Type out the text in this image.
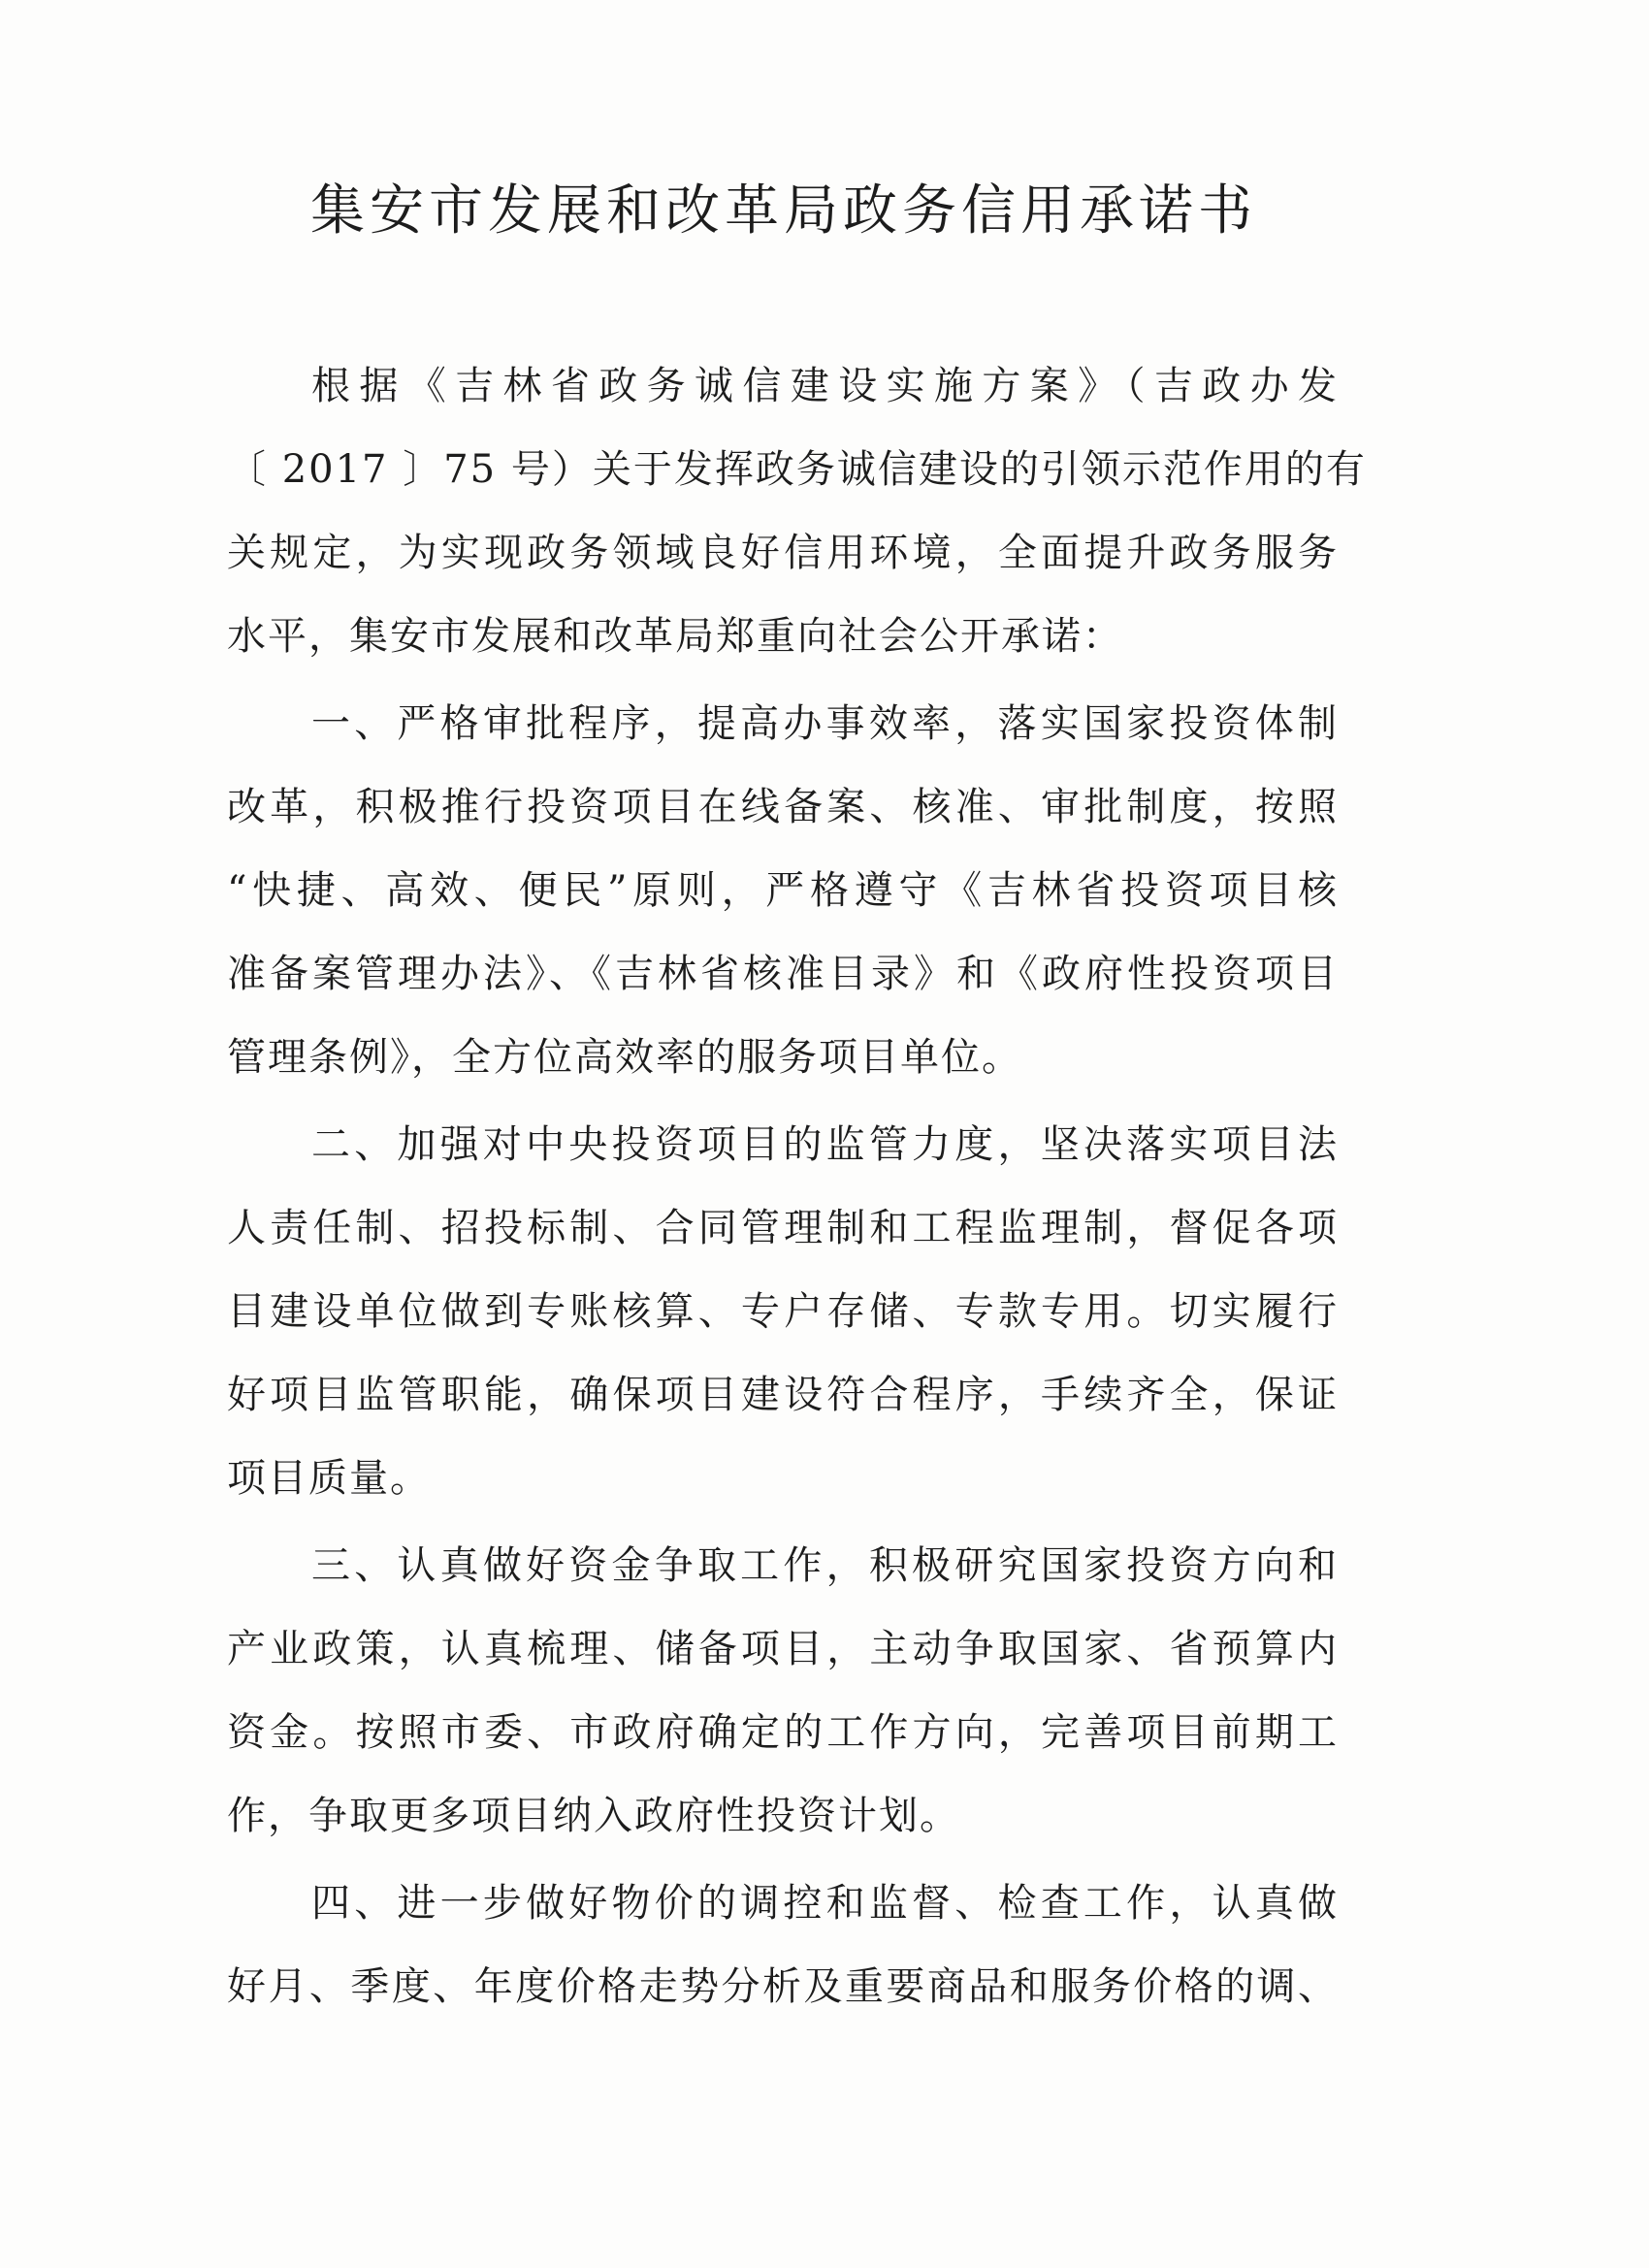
集安市发展和改革局政务信用承诺书
根据《吉林省政务诚信建设实施方案》（吉政办发
〔 2017 〕75 号）关于发挥政务诚信建设的引领示范作用的有
关规定，为实现政务领域良好信用环境，全面提升政务服务
水平，集安市发展和改革局郑重向社会公开承诺：
一、严格审批程序，提高办事效率，落实国家投资体制
改革，积极推行投资项目在线备案、核准、审批制度，按照
“快捷、高效、便民”原则，严格遵守《吉林省投资项目核
准备案管理办法》、《吉林省核准目录》和《政府性投资项目
管理条例》，全方位高效率的服务项目单位。
二、加强对中央投资项目的监管力度，坚决落实项目法
人责任制、招投标制、合同管理制和工程监理制，督促各项
目建设单位做到专账核算、专户存储、专款专用。切实履行
好项目监管职能，确保项目建设符合程序，手续齐全，保证
项目质量。
三、认真做好资金争取工作，积极研究国家投资方向和
产业政策，认真梳理、储备项目，主动争取国家、省预算内
资金。按照市委、市政府确定的工作方向，完善项目前期工
作，争取更多项目纳入政府性投资计划。
四、进一步做好物价的调控和监督、检查工作，认真做
好月、季度、年度价格走势分析及重要商品和服务价格的调、
